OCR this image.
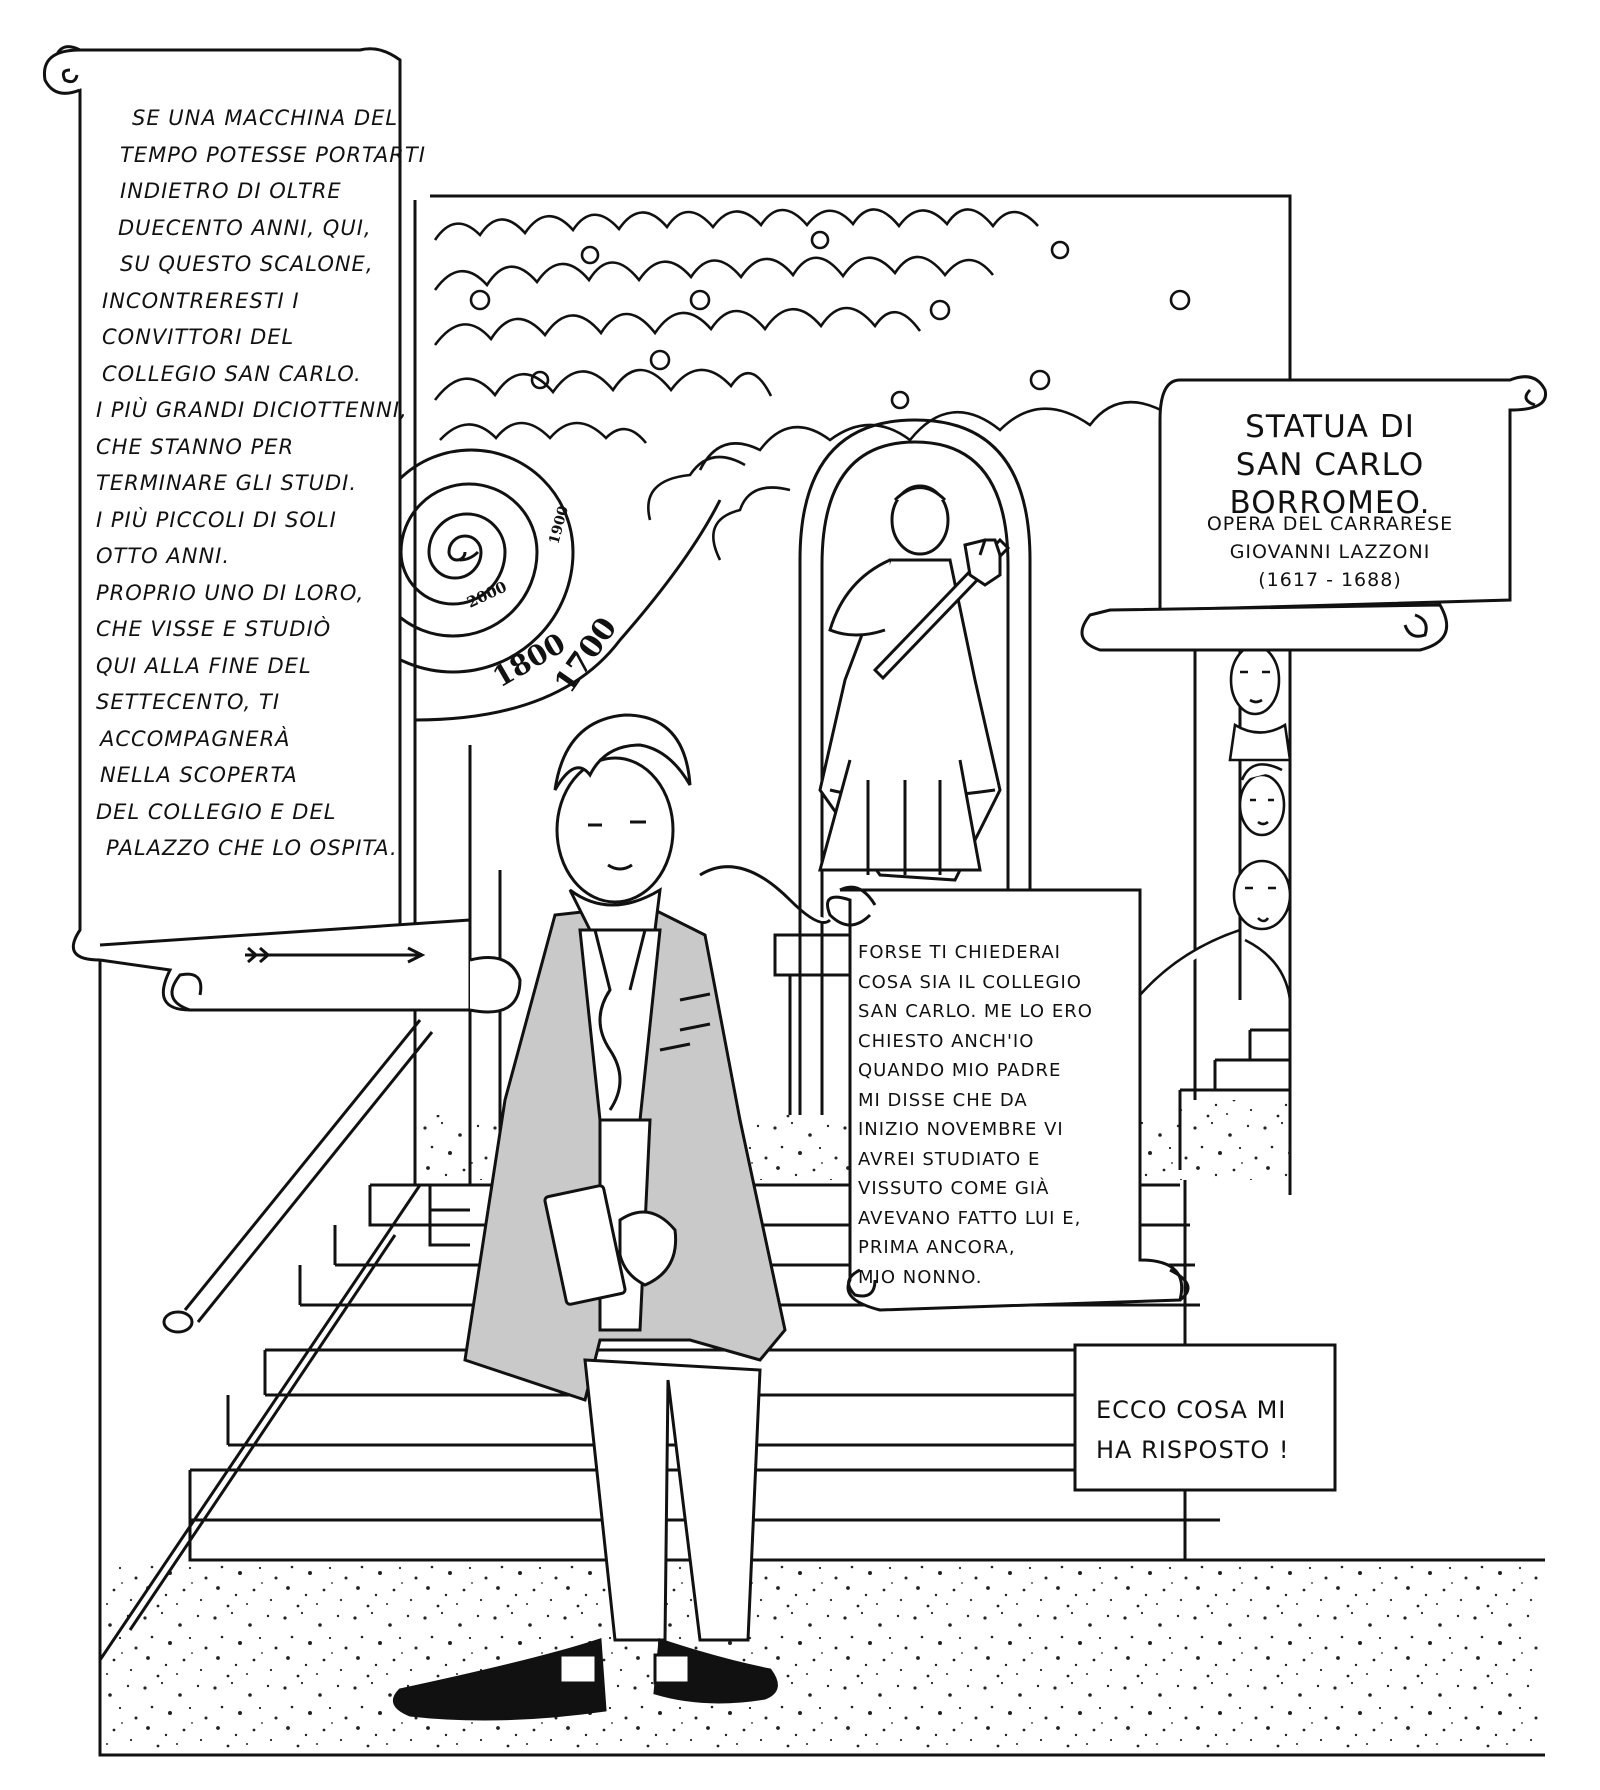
2000
1900
1800
1700
SE UNA MACCHINA DEL
TEMPO POTESSE PORTARTI
INDIETRO DI OLTRE
DUECENTO ANNI, QUI,
SU QUESTO SCALONE,
INCONTRERESTI I
CONVITTORI DEL
COLLEGIO SAN CARLO.
I PIÙ GRANDI DICIOTTENNI,
CHE STANNO PER
TERMINARE GLI STUDI.
I PIÙ PICCOLI DI SOLI
OTTO ANNI.
PROPRIO UNO DI LORO,
CHE VISSE E STUDIÒ
QUI ALLA FINE DEL
SETTECENTO, TI
ACCOMPAGNERÀ
NELLA SCOPERTA
DEL COLLEGIO E DEL
PALAZZO CHE LO OSPITA.
STATUA DI
SAN CARLO
BORROMEO.
OPERA DEL CARRARESE
GIOVANNI LAZZONI
(1617 - 1688)
FORSE TI CHIEDERAI
COSA SIA IL COLLEGIO
SAN CARLO. ME LO ERO
CHIESTO ANCH'IO
QUANDO MIO PADRE
MI DISSE CHE DA
INIZIO NOVEMBRE VI
AVREI STUDIATO E
VISSUTO COME GIÀ
AVEVANO FATTO LUI E,
PRIMA ANCORA,
MIO NONNO.
ECCO COSA MI
HA RISPOSTO !
